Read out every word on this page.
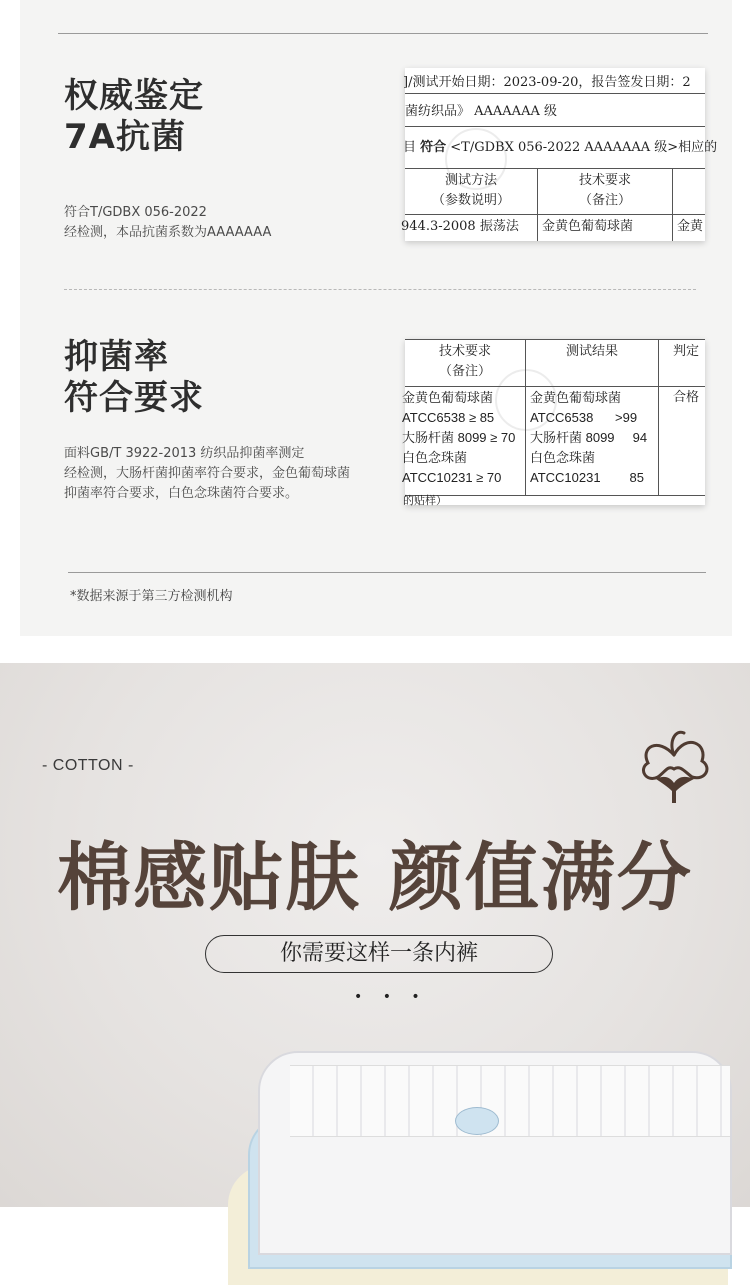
权威鉴定
7A抗菌
符合T/GDBX 056-2022
经检测，本品抗菌系数为AAAAAAA
抑菌率
符合要求
面料GB/T 3922-2013 纺织品抑菌率测定
经检测，大肠杆菌抑菌率符合要求，金色葡萄球菌
抑菌率符合要求，白色念珠菌符合要求。
*数据来源于第三方检测机构
]/测试开始日期：2023-09-20，报告签发日期：2
菌纺织品》 AAAAAAA 级
目 符合 <T/GDBX 056-2022 AAAAAAA 级>相应的
测试方法
（参数说明）
技术要求
（备注）
944.3-2008 振荡法 金黄色葡萄球菌	金黄
技术要求
（备注）
测试结果	判定
金黄色葡萄球菌
ATCC6538 ≥ 85
大肠杆菌 8099 ≥ 70
白色念珠菌
ATCC10231 ≥ 70
金黄色葡萄球菌
ATCC6538      >99
大肠杆菌 8099     94
白色念珠菌
ATCC10231        85
合格
的贴样）
- COTTON -
棉感贴肤 颜值满分
你需要这样一条内裤
• • •
